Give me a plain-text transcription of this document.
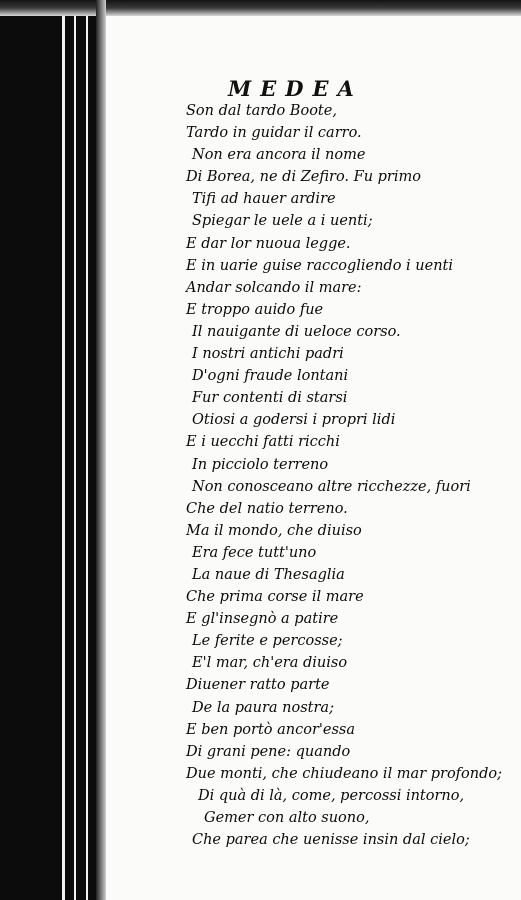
MEDEA
Son dal tardo Boote,
Tardo in guidar il carro.
Non era ancora il nome
Di Borea, ne di Zefiro. Fu primo
Tifi ad hauer ardire
Spiegar le uele a i uenti;
E dar lor nuoua legge.
E in uarie guise raccogliendo i uenti
Andar solcando il mare:
E troppo auido fue
Il nauigante di ueloce corso.
I nostri antichi padri
D'ogni fraude lontani
Fur contenti di starsi
Otiosi a godersi i propri lidi
E i uecchi fatti ricchi
In picciolo terreno
Non conosceano altre ricchezze, fuori
Che del natio terreno.
Ma il mondo, che diuiso
Era fece tutt'uno
La naue di Thesaglia
Che prima corse il mare
E gl'insegnò a patire
Le ferite e percosse;
E'l mar, ch'era diuiso
Diuener ratto parte
De la paura nostra;
E ben portò ancor'essa
Di grani pene: quando
Due monti, che chiudeano il mar profondo;
Di quà di là, come, percossi intorno,
Gemer con alto suono,
Che parea che uenisse insin dal cielo;
